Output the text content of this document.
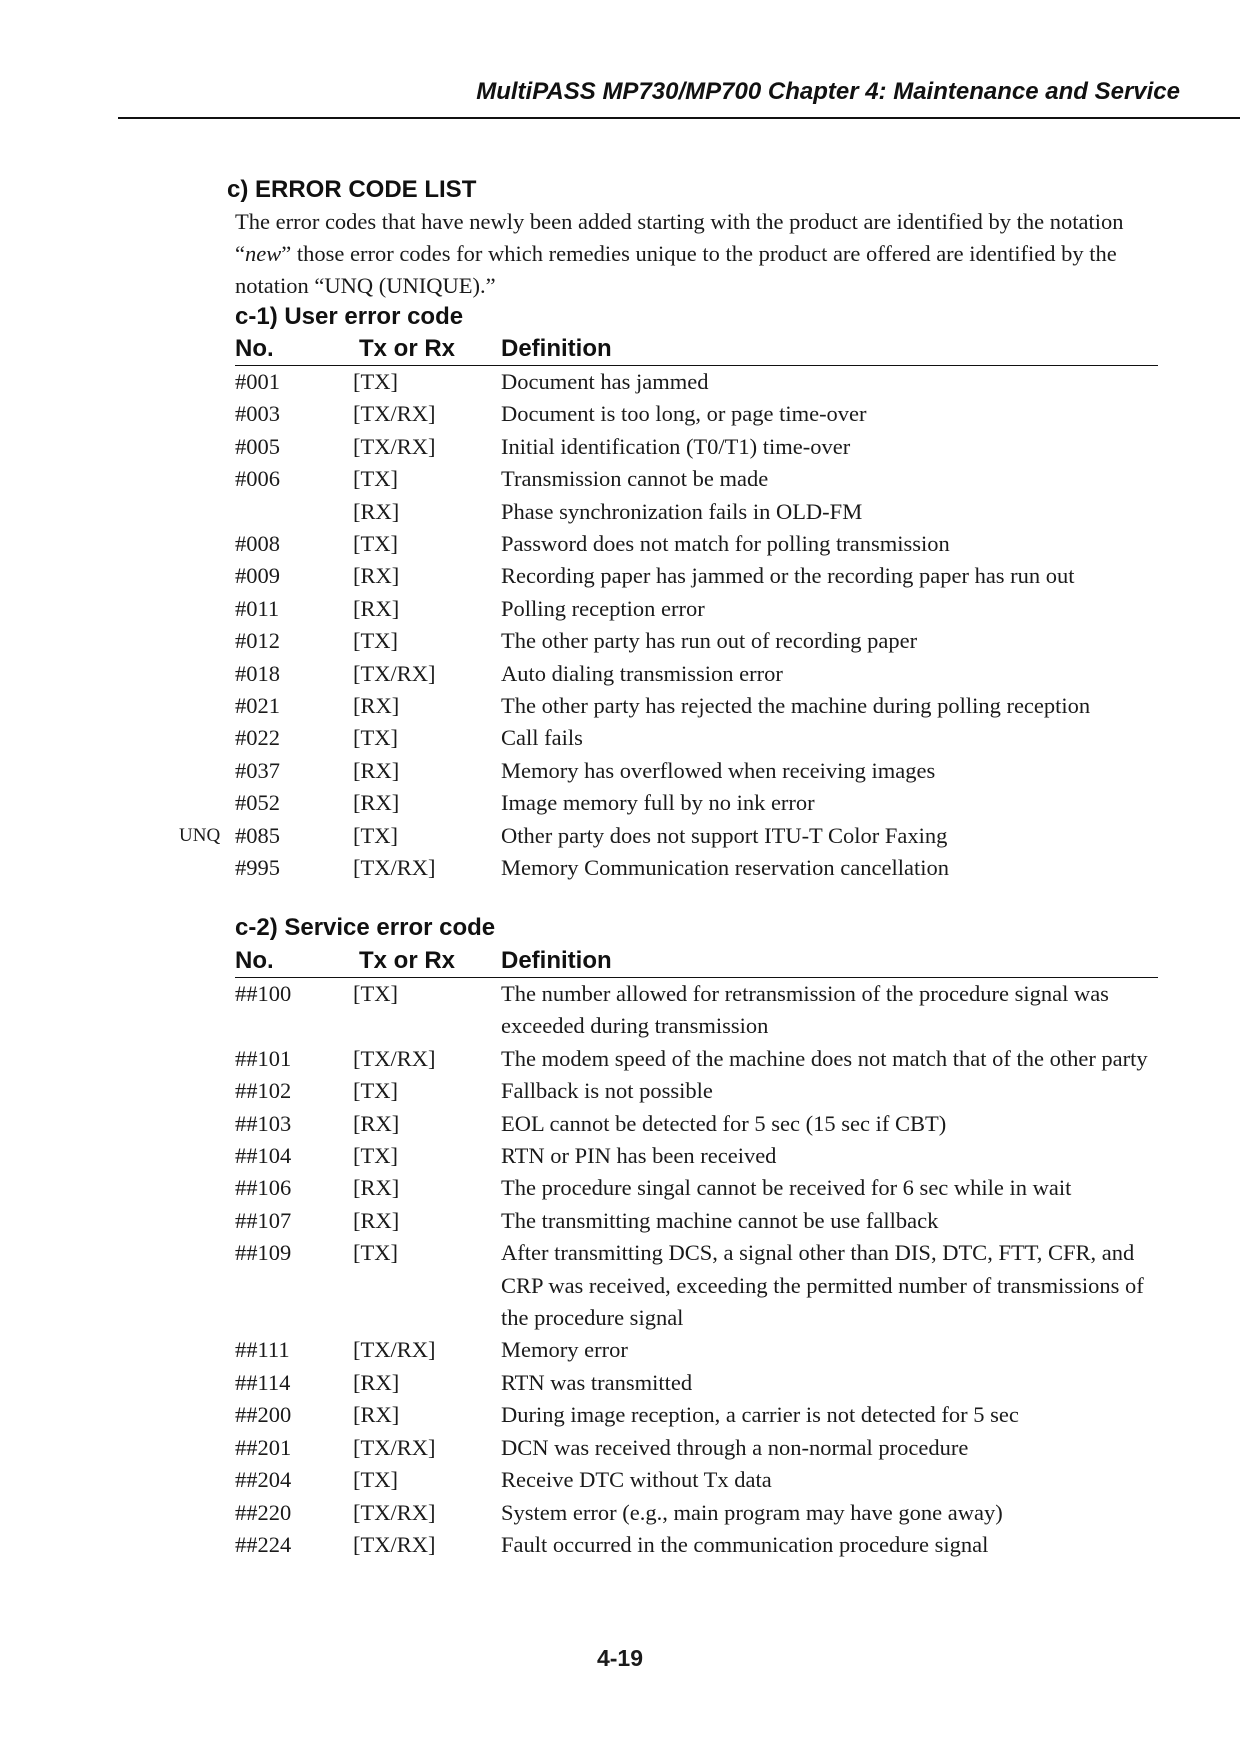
MultiPASS MP730/MP700 Chapter 4: Maintenance and Service
c) ERROR CODE LIST

The error codes that have newly been added starting with the product are identified by the notation “new” those error codes for which remedies unique to the product are offered are identified by the notation “UNQ (UNIQUE).”

c-1) User error code
No.	Tx or Rx Definition
#001	[TX]	Document has jammed
#003	[TX/RX]	Document is too long, or page time-over
#005	[TX/RX]	Initial identification (T0/T1) time-over
#006	[TX]	Transmission cannot be made
[RX]	Phase synchronization fails in OLD-FM
#008	[TX]	Password does not match for polling transmission
#009	[RX]	Recording paper has jammed or the recording paper has run out
#011	[RX]	Polling reception error
#012	[TX]	The other party has run out of recording paper
#018	[TX/RX]	Auto dialing transmission error
#021	[RX]	The other party has rejected the machine during polling reception
#022	[TX]	Call fails
#037	[RX]	Memory has overflowed when receiving images
#052	[RX]	Image memory full by no ink error
UNQ #085	[TX]	Other party does not support ITU-T Color Faxing
#995	[TX/RX]	Memory Communication reservation cancellation
c-2) Service error code
No.	Tx or Rx Definition
##100	[TX]	The number allowed for retransmission of the procedure signal was exceeded during transmission
##101	[TX/RX]	The modem speed of the machine does not match that of the other party
##102	[TX]	Fallback is not possible
##103	[RX]	EOL cannot be detected for 5 sec (15 sec if CBT)
##104	[TX]	RTN or PIN has been received
##106	[RX]	The procedure singal cannot be received for 6 sec while in wait
##107	[RX]	The transmitting machine cannot be use fallback
##109	[TX]	After transmitting DCS, a signal other than DIS, DTC, FTT, CFR, and CRP was received, exceeding the permitted number of transmissions of the procedure signal
##111	[TX/RX]	Memory error
##114	[RX]	RTN was transmitted
##200	[RX]	During image reception, a carrier is not detected for 5 sec
##201	[TX/RX]	DCN was received through a non-normal procedure
##204	[TX]	Receive DTC without Tx data
##220	[TX/RX]	System error (e.g., main program may have gone away)
##224	[TX/RX]	Fault occurred in the communication procedure signal
4-19
